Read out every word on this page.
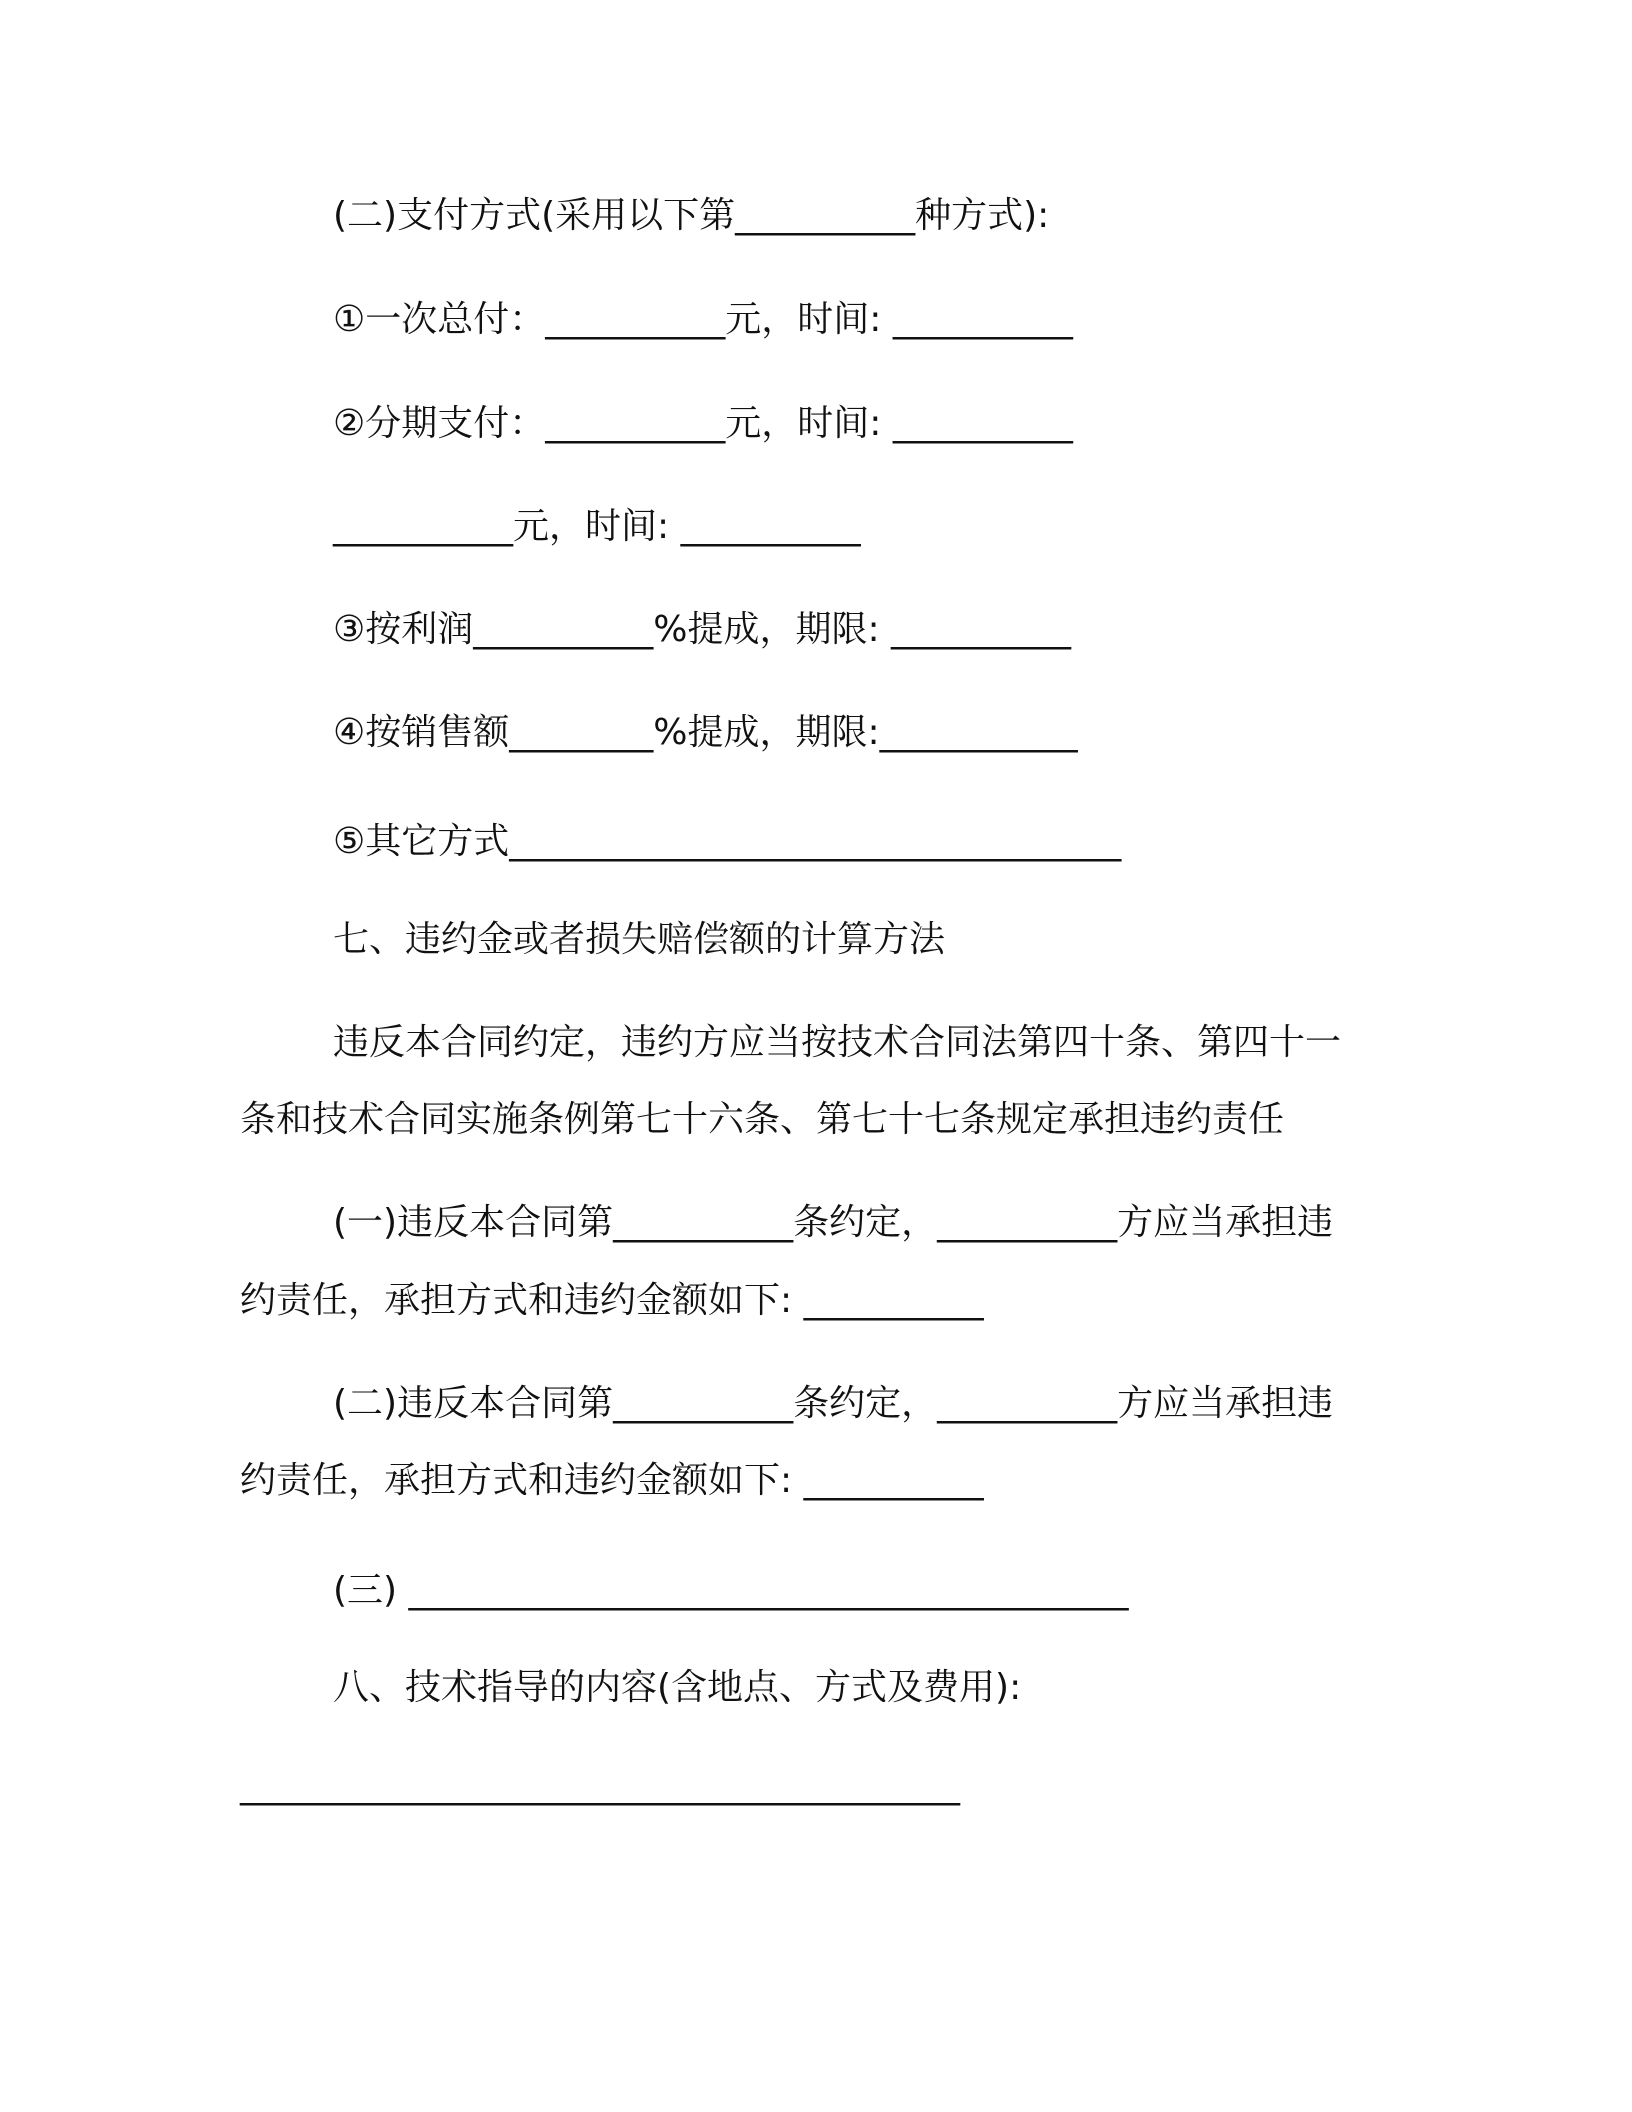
(二)支付方式(采用以下第__________种方式):

①一次总付：__________元，时间: __________

②分期支付：__________元，时间: __________

__________元，时间: __________

③按利润__________%提成，期限: __________

④按销售额________%提成，期限:___________

⑤其它方式__________________________________

七、违约金或者损失赔偿额的计算方法

违反本合同约定，违约方应当按技术合同法第四十条、第四十一

条和技术合同实施条例第七十六条、第七十七条规定承担违约责任

(一)违反本合同第__________条约定，__________方应当承担违

约责任，承担方式和违约金额如下: __________

(二)违反本合同第__________条约定，__________方应当承担违

约责任，承担方式和违约金额如下: __________

(三) ________________________________________

八、技术指导的内容(含地点、方式及费用):

________________________________________
